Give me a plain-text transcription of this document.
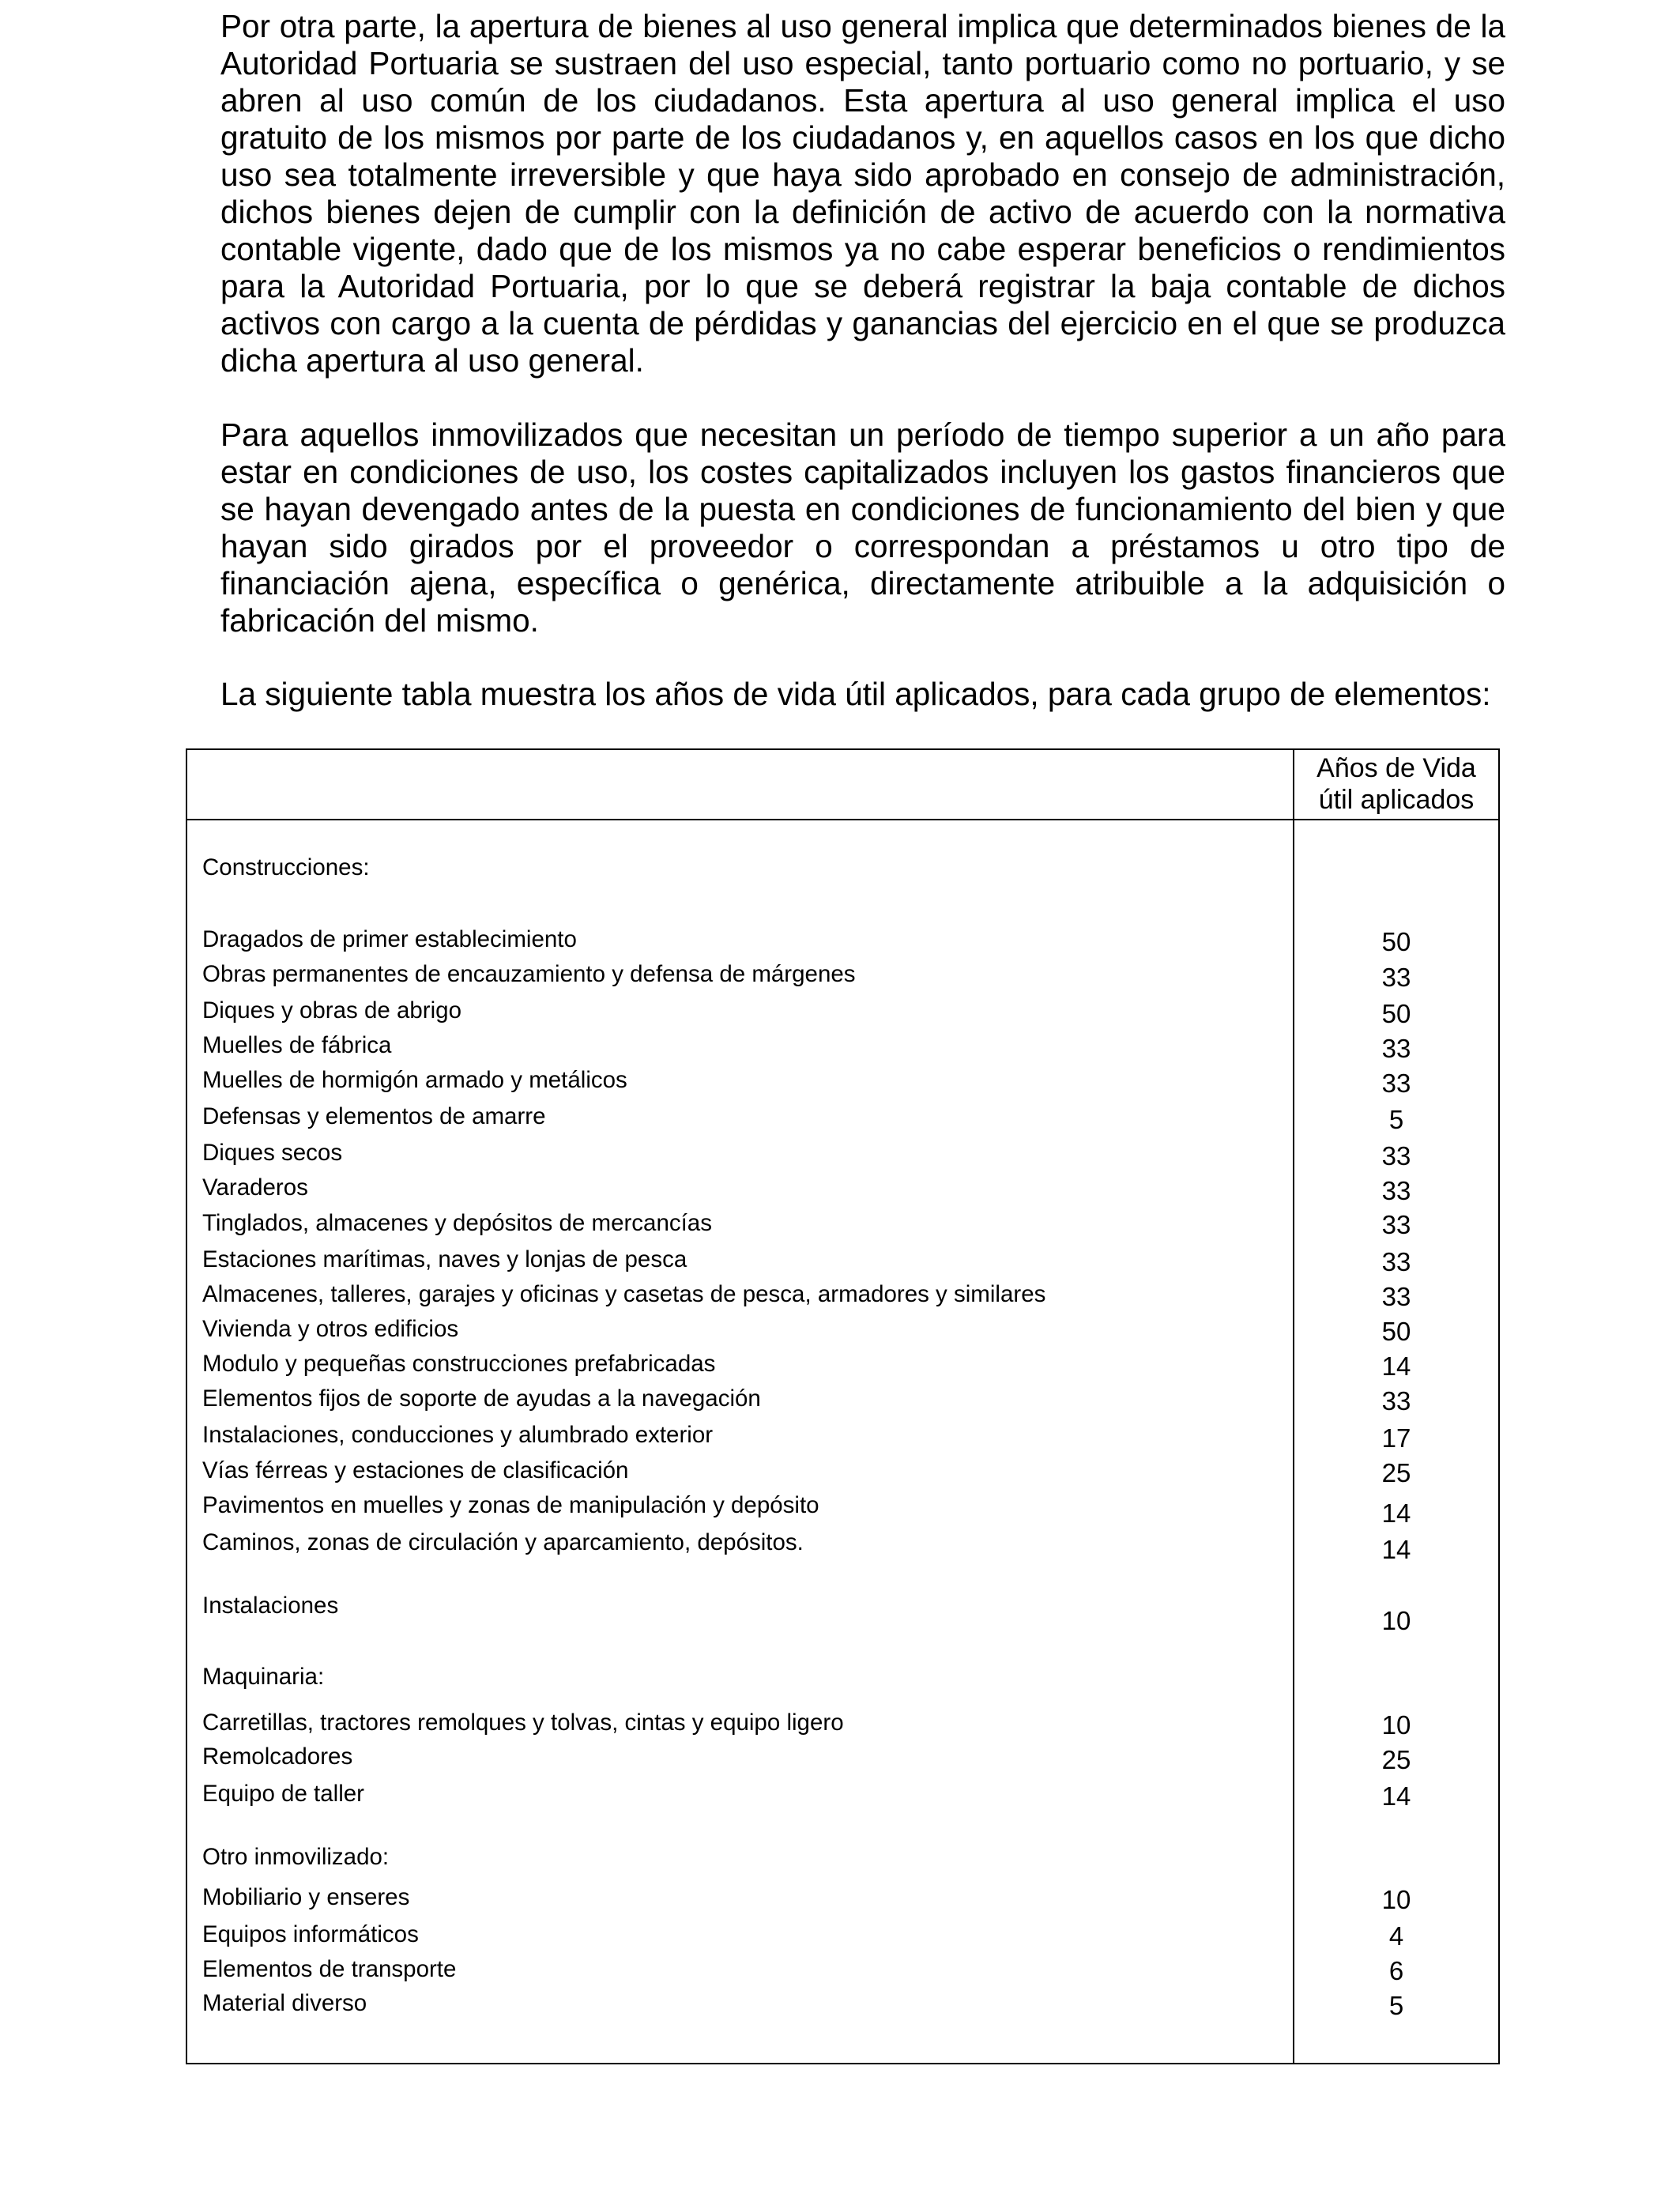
Por otra parte, la apertura de bienes al uso general implica que determinados bienes de la Autoridad Portuaria se sustraen del uso especial, tanto portuario como no portuario, y se abren al uso común de los ciudadanos. Esta apertura al uso general implica el uso gratuito de los mismos por parte de los ciudadanos y, en aquellos casos en los que dicho uso sea totalmente irreversible y que haya sido aprobado en consejo de administración, dichos bienes dejen de cumplir con la definición de activo de acuerdo con la normativa contable vigente, dado que de los mismos ya no cabe esperar beneficios o rendimientos para la Autoridad Portuaria, por lo que se deberá registrar la baja contable de dichos activos con cargo a la cuenta de pérdidas y ganancias del ejercicio en el que se produzca dicha apertura al uso general.

Para aquellos inmovilizados que necesitan un período de tiempo superior a un año para estar en condiciones de uso, los costes capitalizados incluyen los gastos financieros que se hayan devengado antes de la puesta en condiciones de funcionamiento del bien y que hayan sido girados por el proveedor o correspondan a préstamos u otro tipo de financiación ajena, específica o genérica, directamente atribuible a la adquisición o fabricación del mismo.

La siguiente tabla muestra los años de vida útil aplicados, para cada grupo de elementos:

Años de Vida
útil aplicados
Construcciones:
Dragados de primer establecimiento
Obras permanentes de encauzamiento y defensa de márgenes
Diques y obras de abrigo
Muelles de fábrica
Muelles de hormigón armado y metálicos
Defensas y elementos de amarre
Diques secos
Varaderos
Tinglados, almacenes y depósitos de mercancías
Estaciones marítimas, naves y lonjas de pesca
Almacenes, talleres, garajes y oficinas y casetas de pesca, armadores y similares
Vivienda y otros edificios
Modulo y pequeñas construcciones prefabricadas
Elementos fijos de soporte de ayudas a la navegación
Instalaciones, conducciones y alumbrado exterior
Vías férreas y estaciones de clasificación
Pavimentos en muelles y zonas de manipulación y depósito
Caminos, zonas de circulación y aparcamiento, depósitos.
Instalaciones
Maquinaria:
Carretillas, tractores remolques y tolvas, cintas y equipo ligero
Remolcadores
Equipo de taller
Otro inmovilizado:
Mobiliario y enseres
Equipos informáticos
Elementos de transporte
Material diverso
50
33
50
33
33
5
33
33
33
33
33
50
14
33
17
25
14
14
10
10
25
14
10
4
6
5
